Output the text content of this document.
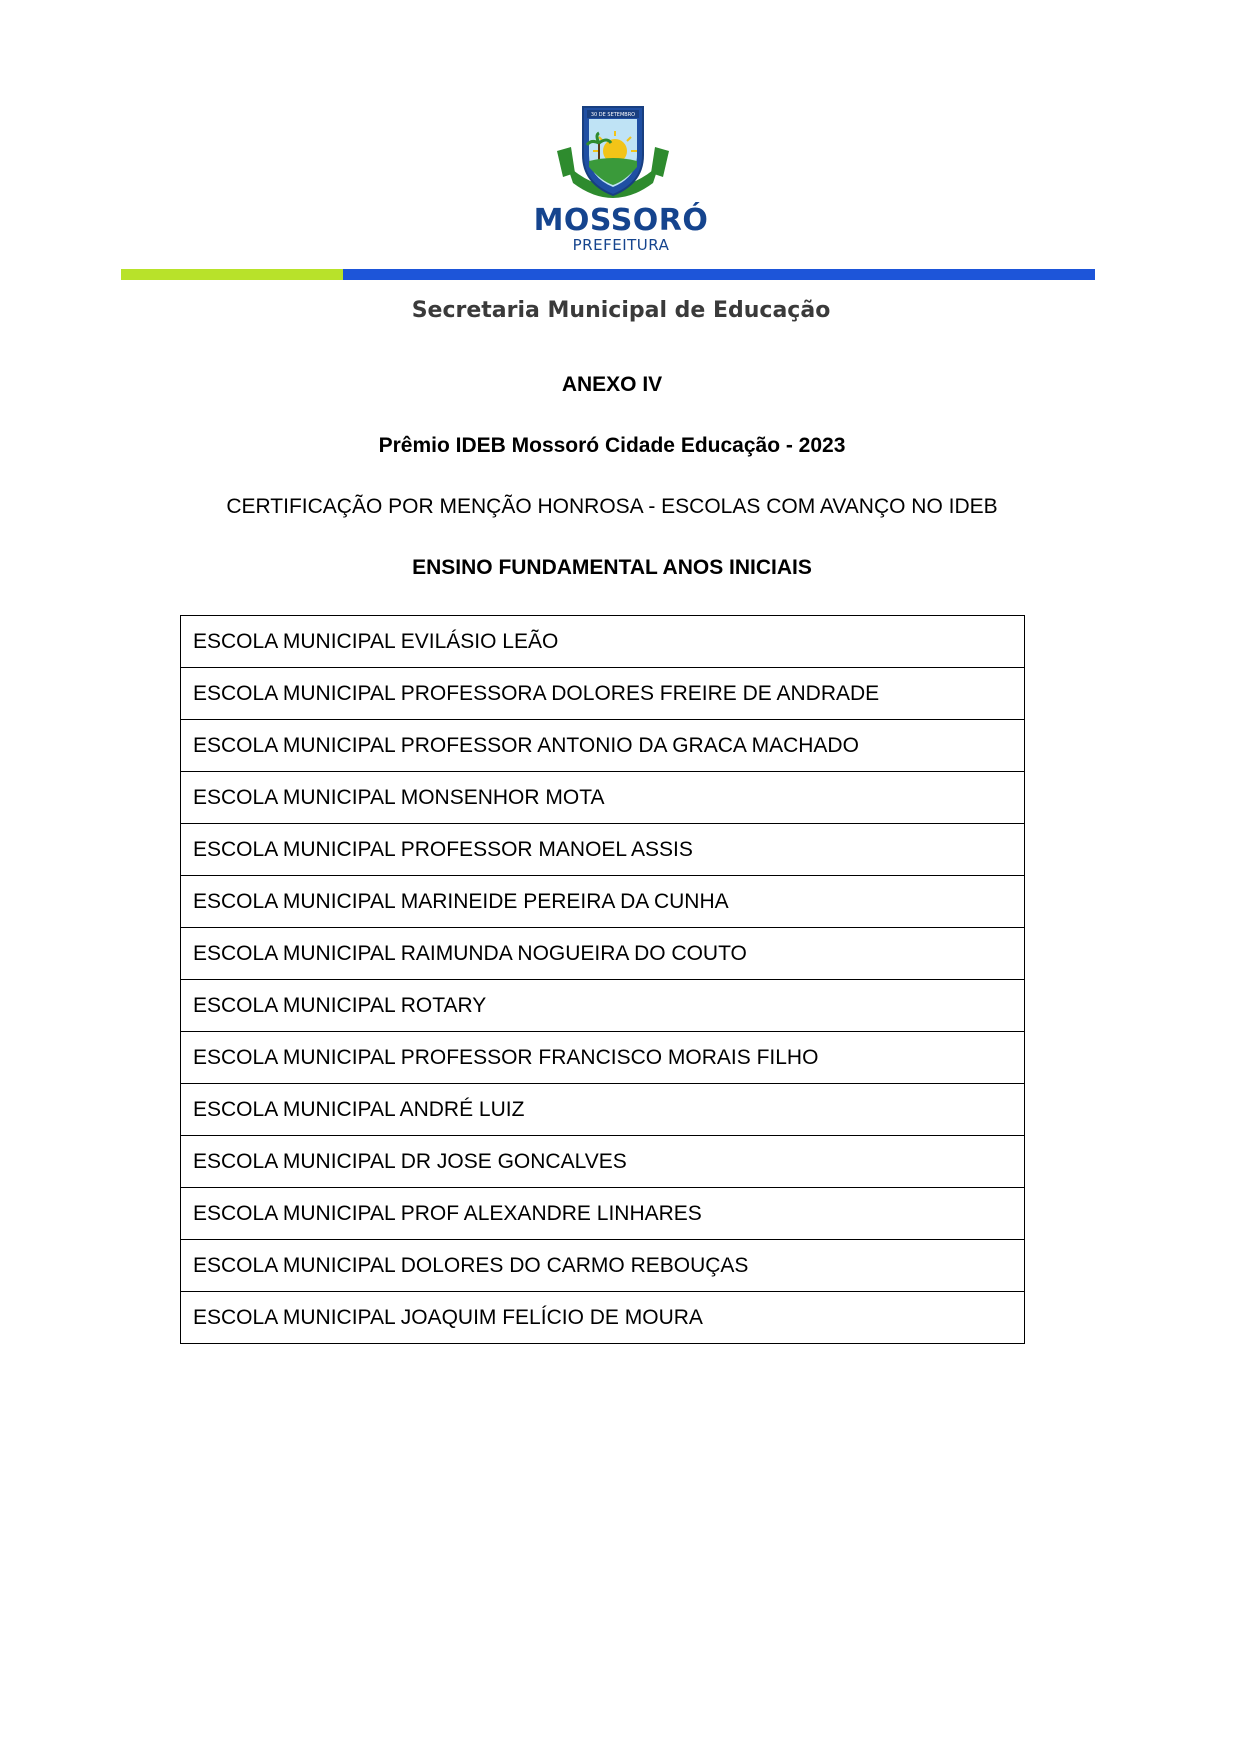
30 DE SETEMBRO
MOSSORÓ
PREFEITURA
Secretaria Municipal de Educação
ANEXO IV
Prêmio IDEB Mossoró Cidade Educação - 2023
CERTIFICAÇÃO POR MENÇÃO HONROSA - ESCOLAS COM AVANÇO NO IDEB
ENSINO FUNDAMENTAL ANOS INICIAIS
ESCOLA MUNICIPAL EVILÁSIO LEÃO
ESCOLA MUNICIPAL PROFESSORA DOLORES FREIRE DE ANDRADE
ESCOLA MUNICIPAL PROFESSOR ANTONIO DA GRACA MACHADO
ESCOLA MUNICIPAL MONSENHOR MOTA
ESCOLA MUNICIPAL PROFESSOR MANOEL ASSIS
ESCOLA MUNICIPAL MARINEIDE PEREIRA DA CUNHA
ESCOLA MUNICIPAL RAIMUNDA NOGUEIRA DO COUTO
ESCOLA MUNICIPAL ROTARY
ESCOLA MUNICIPAL PROFESSOR FRANCISCO MORAIS FILHO
ESCOLA MUNICIPAL ANDRÉ LUIZ
ESCOLA MUNICIPAL DR JOSE GONCALVES
ESCOLA MUNICIPAL PROF ALEXANDRE LINHARES
ESCOLA MUNICIPAL DOLORES DO CARMO REBOUÇAS
ESCOLA MUNICIPAL JOAQUIM FELÍCIO DE MOURA
